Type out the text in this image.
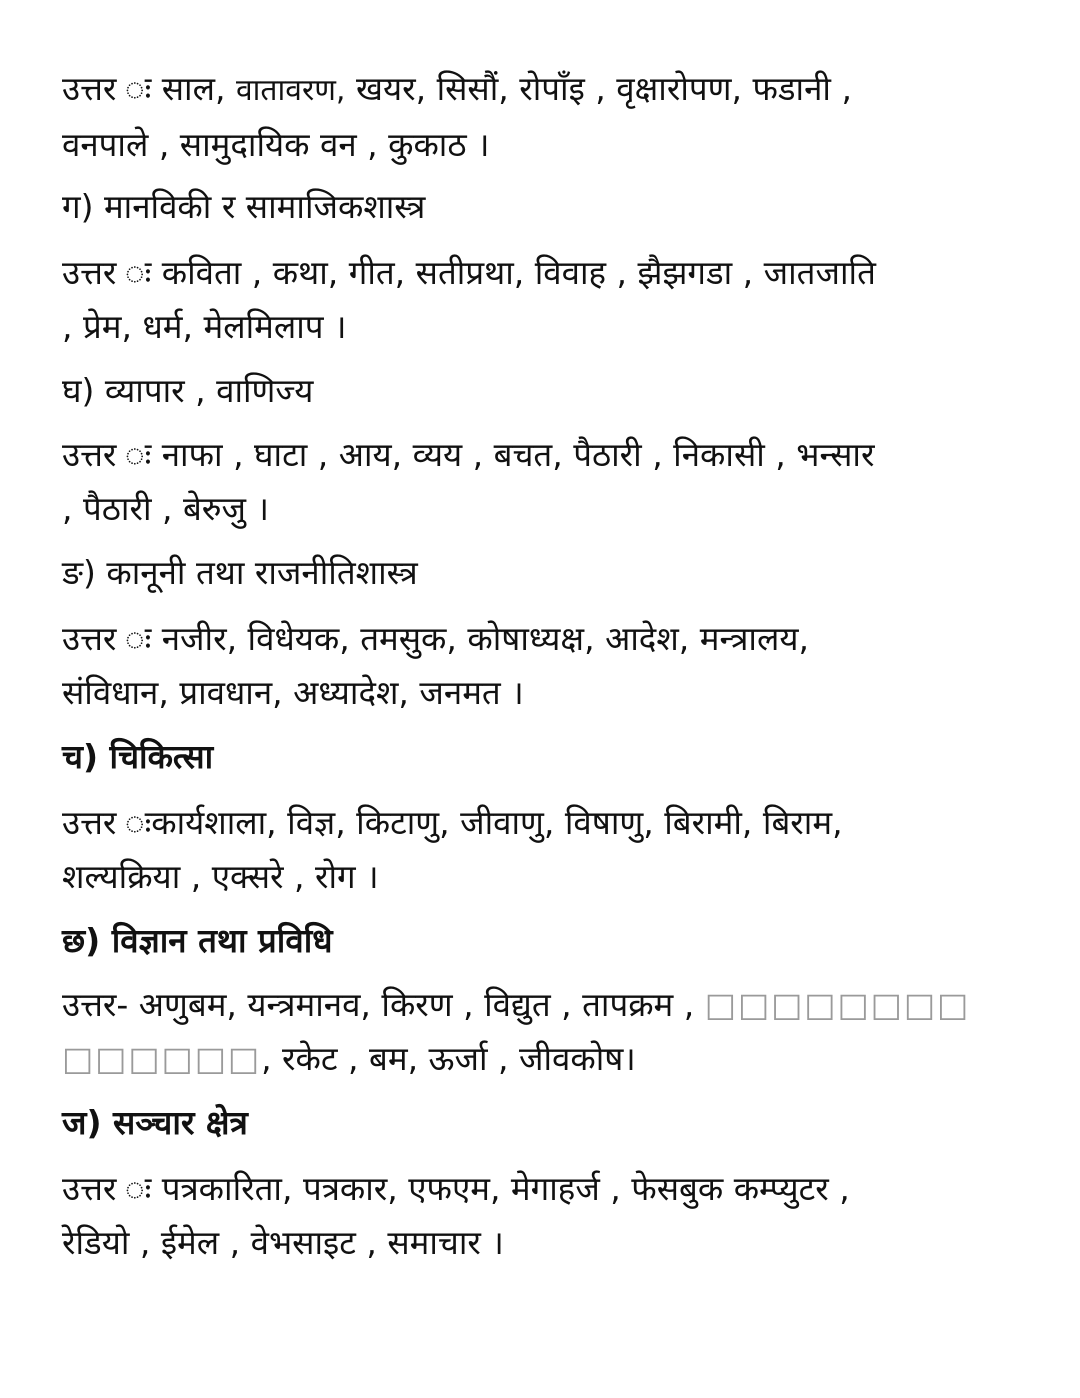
उत्तर ः साल, वातावरण, खयर, सिसौं, रोपाँइ , वृक्षारोपण, फडानी ,
वनपाले , सामुदायिक वन , कुकाठ ।
ग) मानविकी र सामाजिकशास्त्र
उत्तर ः कविता , कथा, गीत, सतीप्रथा, विवाह , झैझगडा , जातजाति
, प्रेम, धर्म, मेलमिलाप ।
घ) व्यापार , वाणिज्य
उत्तर ः नाफा , घाटा , आय, व्यय , बचत, पैठारी , निकासी , भन्सार
, पैठारी , बेरुजु ।
ङ) कानूनी तथा राजनीतिशास्त्र
उत्तर ः नजीर, विधेयक, तमसुक, कोषाध्यक्ष, आदेश, मन्त्रालय,
संविधान, प्रावधान, अध्यादेश, जनमत ।
च) चिकित्सा
उत्तर ःकार्यशाला, विज्ञ, किटाणु, जीवाणु, विषाणु, बिरामी, बिराम,
शल्यक्रिया , एक्सरे , रोग ।
छ) विज्ञान तथा प्रविधि
उत्तर- अणुबम, यन्त्रमानव, किरण , विद्युत , तापक्रम , □□□□□□□□
□□□□□□, रकेट , बम, ऊर्जा , जीवकोष।
ज) सञ्चार क्षेत्र
उत्तर ः पत्रकारिता, पत्रकार, एफएम, मेगाहर्ज , फेसबुक कम्प्युटर ,
रेडियो , ईमेल , वेभसाइट , समाचार ।
